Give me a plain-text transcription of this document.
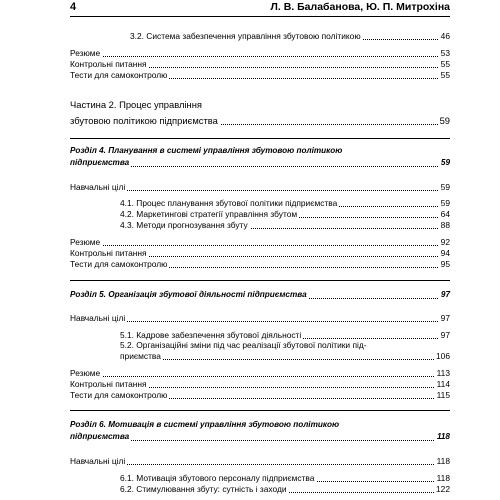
4	Л. В. Балабанова, Ю. П. Митрохіна
3.2. Система забезпечення управління збутовою політикою	46
Резюме	53
Контрольні питання	55
Тести для самоконтролю	55
Частина 2. Процес управління
збутовою політикою підприємства	59
Розділ 4. Планування в системі управління збутовою політикою
підприємства	59
Навчальні цілі	59
4.1. Процес планування збутової політики підприємства	59
4.2. Маркетингові стратегії управління збутом	64
4.3. Методи прогнозування збуту	88
Резюме	92
Контрольні питання	94
Тести для самоконтролю	95
Розділ 5. Організація збутової діяльності підприємства	97
Навчальні цілі	97
5.1. Кадрове забезпечення збутової діяльності	97
5.2. Організаційні зміни під час реалізації збутової політики під-
приємства	106
Резюме	113
Контрольні питання	114
Тести для самоконтролю	115
Розділ 6. Мотивація в системі управління збутовою політикою
підприємства	118
Навчальні цілі	118
6.1. Мотивація збутового персоналу підприємства	118
6.2. Стимулювання збуту: сутність і заходи	122
